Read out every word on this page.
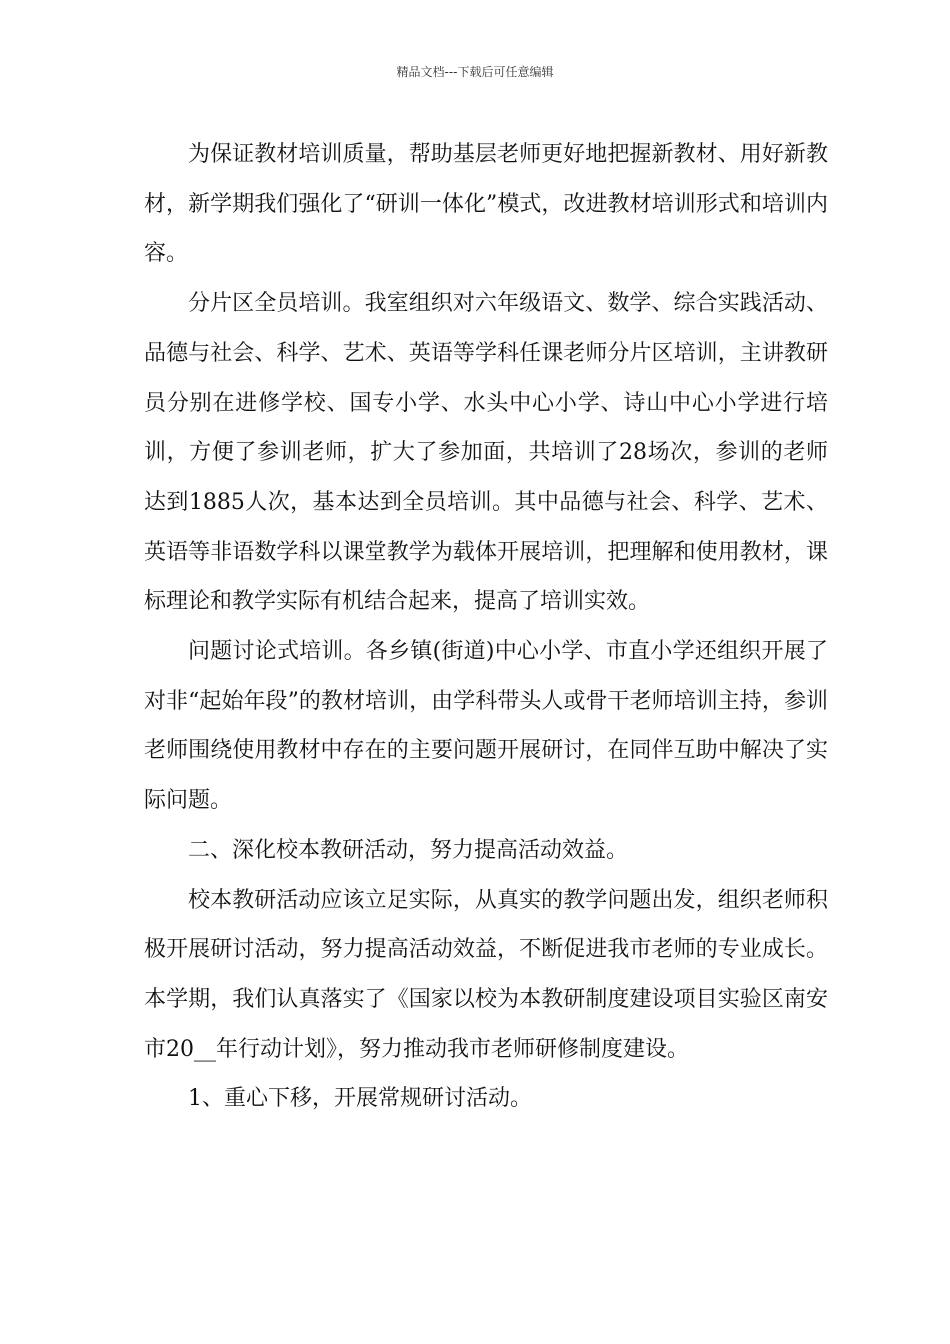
精品文档---下载后可任意编辑

为保证教材培训质量，帮助基层老师更好地把握新教材、用好新教材，新学期我们强化了“研训一体化”模式，改进教材培训形式和培训内容。

分片区全员培训。我室组织对六年级语文、数学、综合实践活动、品德与社会、科学、艺术、英语等学科任课老师分片区培训，主讲教研员分别在进修学校、国专小学、水头中心小学、诗山中心小学进行培训，方便了参训老师，扩大了参加面，共培训了28场次，参训的老师达到1885人次，基本达到全员培训。其中品德与社会、科学、艺术、英语等非语数学科以课堂教学为载体开展培训，把理解和使用教材，课标理论和教学实际有机结合起来，提高了培训实效。

问题讨论式培训。各乡镇(街道)中心小学、市直小学还组织开展了对非“起始年段”的教材培训，由学科带头人或骨干老师培训主持，参训老师围绕使用教材中存在的主要问题开展研讨，在同伴互助中解决了实际问题。

二、深化校本教研活动，努力提高活动效益。

校本教研活动应该立足实际，从真实的教学问题出发，组织老师积极开展研讨活动，努力提高活动效益，不断促进我市老师的专业成长。本学期，我们认真落实了《国家以校为本教研制度建设项目实验区南安市20__年行动计划》，努力推动我市老师研修制度建设。

1、重心下移，开展常规研讨活动。
